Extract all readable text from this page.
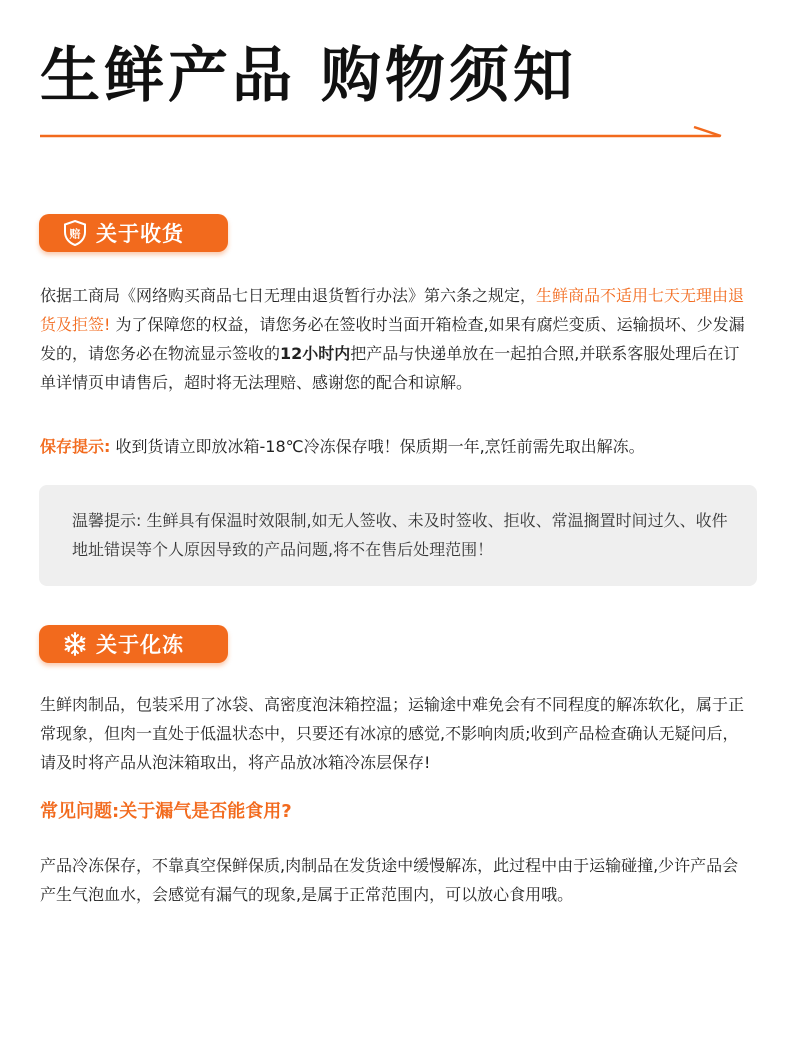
生鲜产品 购物须知
赔 关于收货

依据工商局《网络购买商品七日无理由退货暂行办法》第六条之规定，生鲜商品不适用七天无理由退货及拒签! 为了保障您的权益，请您务必在签收时当面开箱检查,如果有腐烂变质、运输损坏、少发漏发的，请您务必在物流显示签收的12小时内把产品与快递单放在一起拍合照,并联系客服处理后在订单详情页申请售后，超时将无法理赔、感谢您的配合和谅解。

保存提示: 收到货请立即放冰箱-18℃冷冻保存哦！保质期一年,烹饪前需先取出解冻。

温馨提示: 生鲜具有保温时效限制,如无人签收、未及时签收、拒收、常温搁置时间过久、收件地址错误等个人原因导致的产品问题,将不在售后处理范围！

关于化冻

生鲜肉制品，包装采用了冰袋、高密度泡沫箱控温；运输途中难免会有不同程度的解冻软化，属于正常现象，但肉一直处于低温状态中，只要还有冰凉的感觉,不影响肉质;收到产品检查确认无疑问后，请及时将产品从泡沫箱取出，将产品放冰箱冷冻层保存!

常见问题:关于漏气是否能食用?

产品冷冻保存，不靠真空保鲜保质,肉制品在发货途中缓慢解冻，此过程中由于运输碰撞,少许产品会产生气泡血水，会感觉有漏气的现象,是属于正常范围内，可以放心食用哦。
